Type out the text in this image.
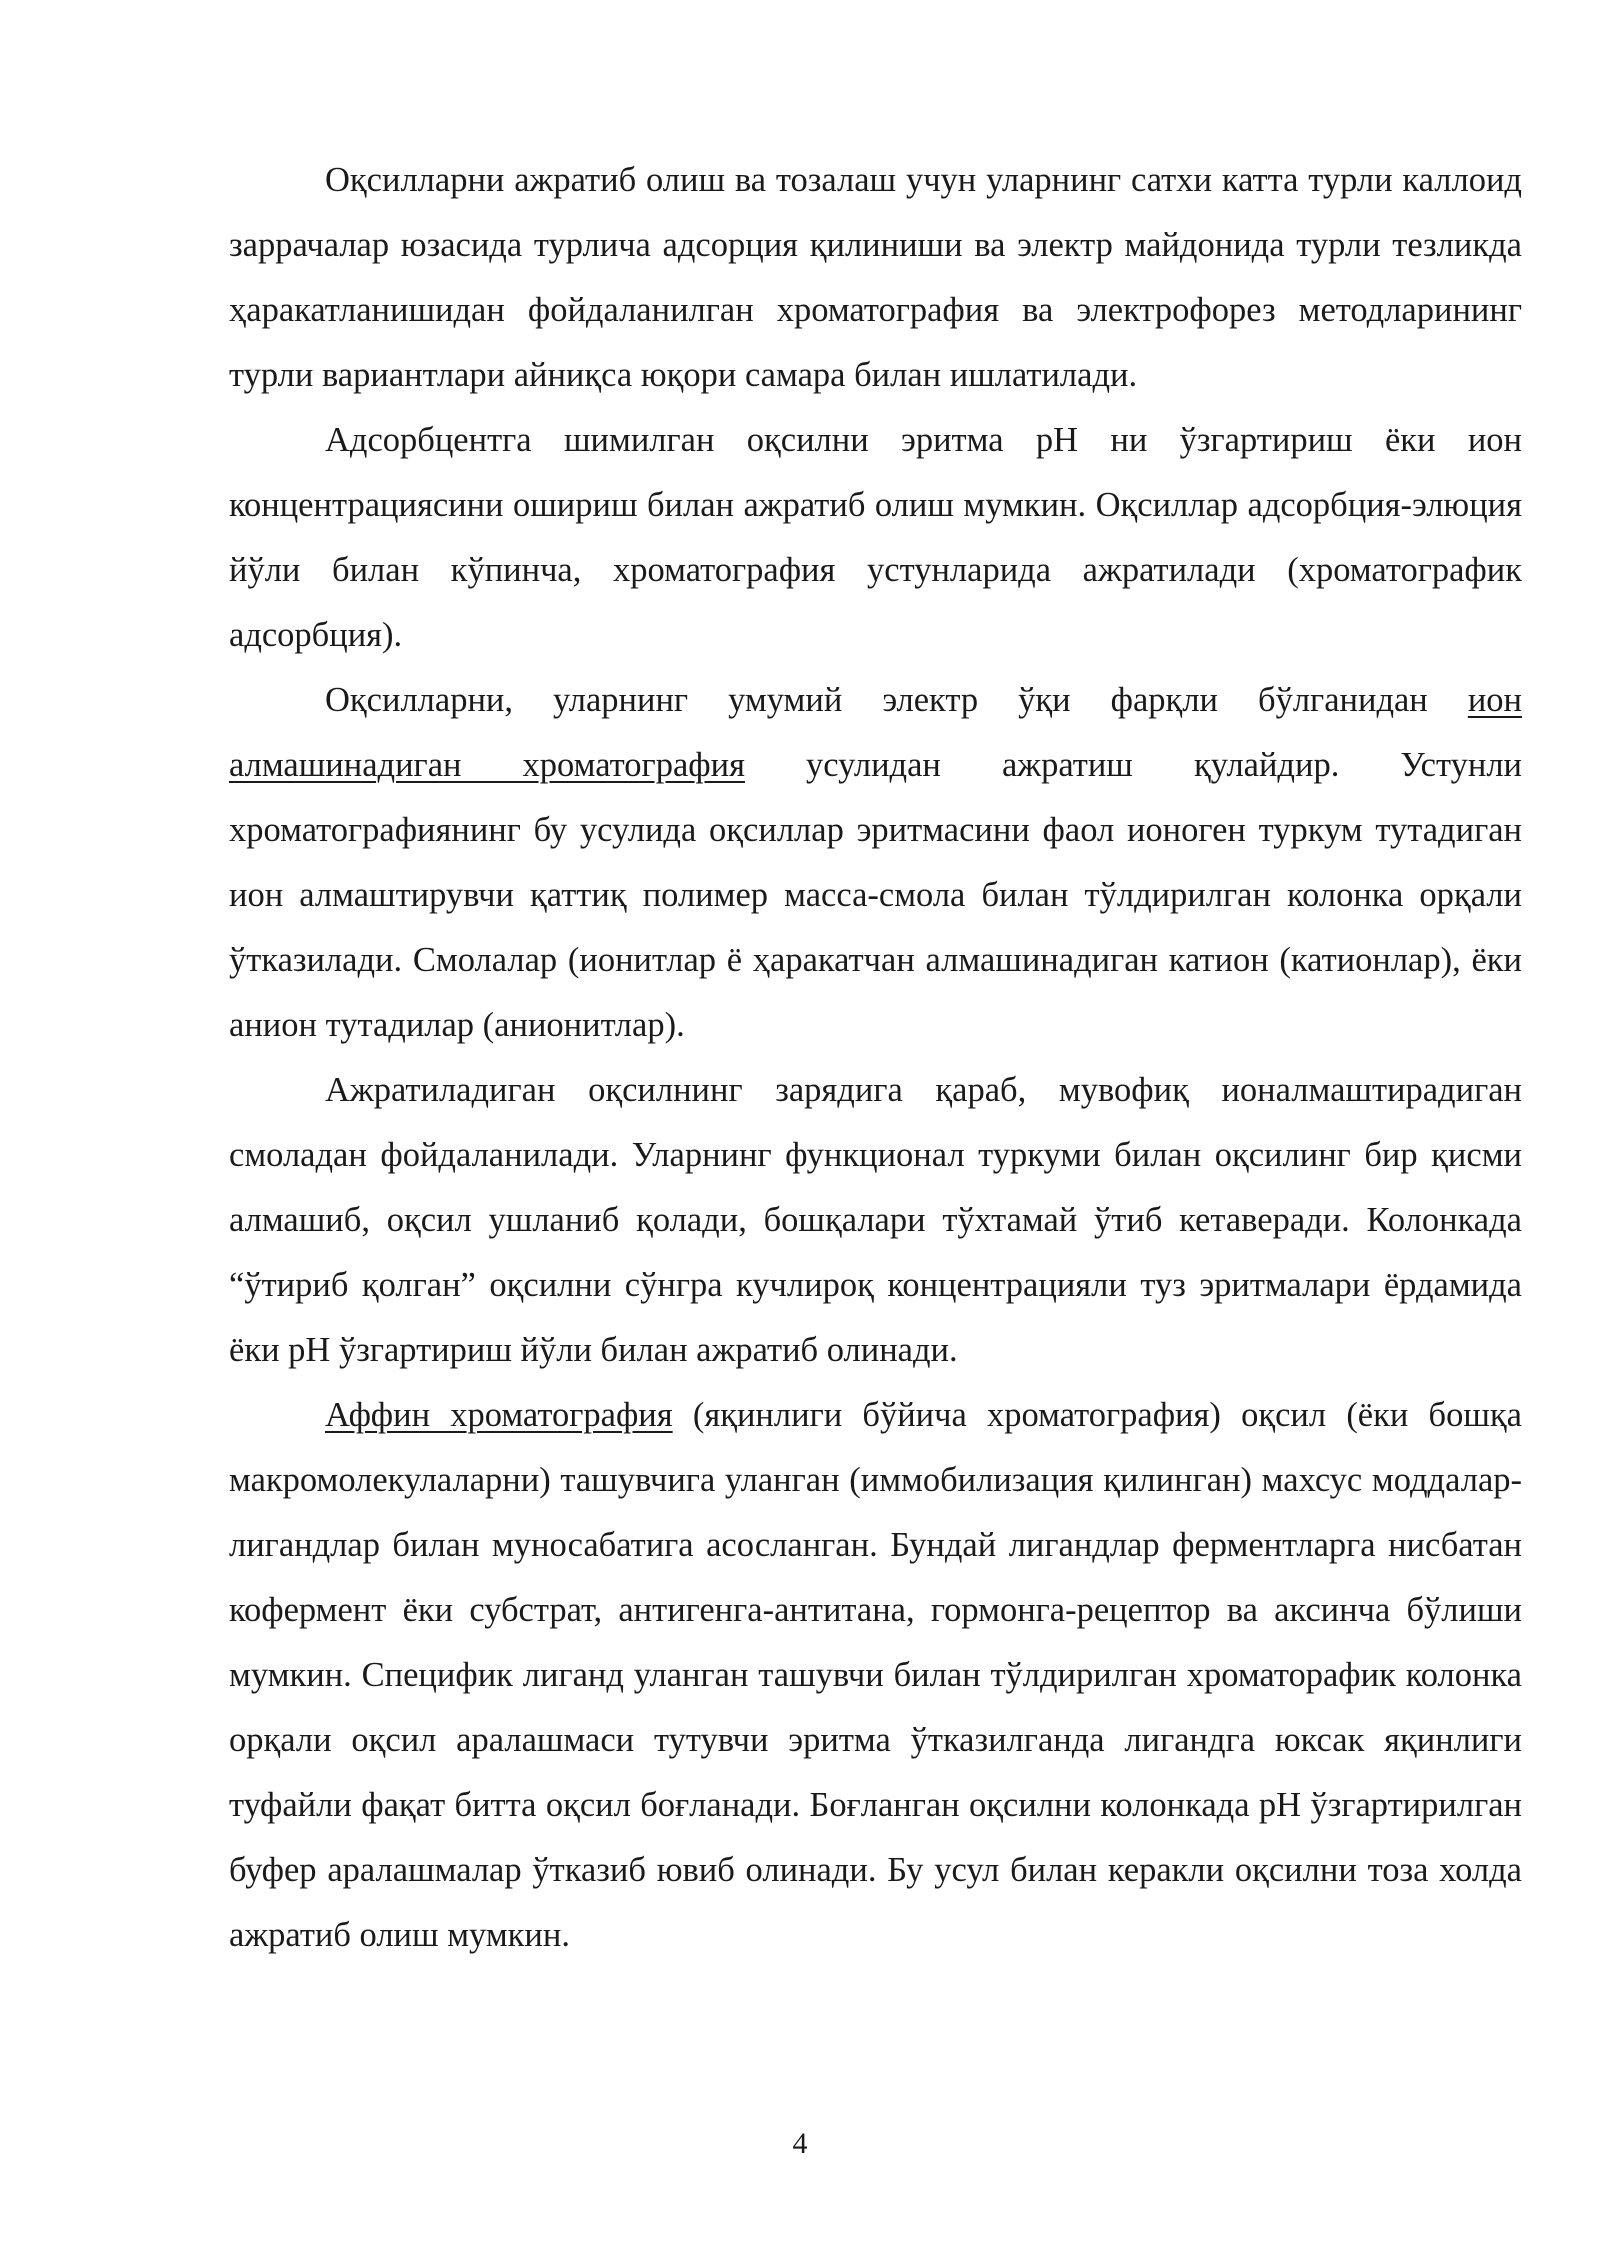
Оқсилларни ажратиб олиш ва тозалаш учун уларнинг сатхи катта турли каллоид заррачалар юзасида турлича адсорция қилиниши ва электр майдонида турли тезликда ҳаракатланишидан фойдаланилган хроматография ва электрофорез методларининг турли вариантлари айниқса юқори самара билан ишлатилади.

Адсорбцентга шимилган оқсилни эритма рН ни ўзгартириш ёки ион концентрациясини ошириш билан ажратиб олиш мумкин. Оқсиллар адсорбция-элюция йўли билан кўпинча, хроматография устунларида ажратилади (хроматографик адсорбция).

Оқсилларни, уларнинг умумий электр ўқи фарқли бўлганидан ион алмашинадиган хроматография усулидан ажратиш қулайдир. Устунли хроматографиянинг бу усулида оқсиллар эритмасини фаол ионоген туркум тутадиган ион алмаштирувчи қаттиқ полимер масса-смола билан тўлдирилган колонка орқали ўтказилади. Смолалар (ионитлар ё ҳаракатчан алмашинадиган катион (катионлар), ёки анион тутадилар (анионитлар).

Ажратиладиган оқсилнинг зарядига қараб, мувофиқ ионалмаштирадиган смоладан фойдаланилади. Уларнинг функционал туркуми билан оқсилинг бир қисми алмашиб, оқсил ушланиб қолади, бошқалари тўхтамай ўтиб кетаверади. Колонкада “ўтириб қолган” оқсилни сўнгра кучлироқ концентрацияли туз эритмалари ёрдамида ёки рН ўзгартириш йўли билан ажратиб олинади.

Аффин хроматография (яқинлиги бўйича хроматография) оқсил (ёки бошқа макромолекулаларни) ташувчига уланган (иммобилизация қилинган) махсус моддалар-лигандлар билан муносабатига асосланган. Бундай лигандлар ферментларга нисбатан кофермент ёки субстрат, антигенга-антитана, гормонга-рецептор ва аксинча бўлиши мумкин. Специфик лиганд уланган ташувчи билан тўлдирилган хроматорафик колонка орқали оқсил аралашмаси тутувчи эритма ўтказилганда лигандга юксак яқинлиги туфайли фақат битта оқсил боғланади. Боғланган оқсилни колонкада рН ўзгартирилган буфер аралашмалар ўтказиб ювиб олинади. Бу усул билан керакли оқсилни тоза холда ажратиб олиш мумкин.

4
